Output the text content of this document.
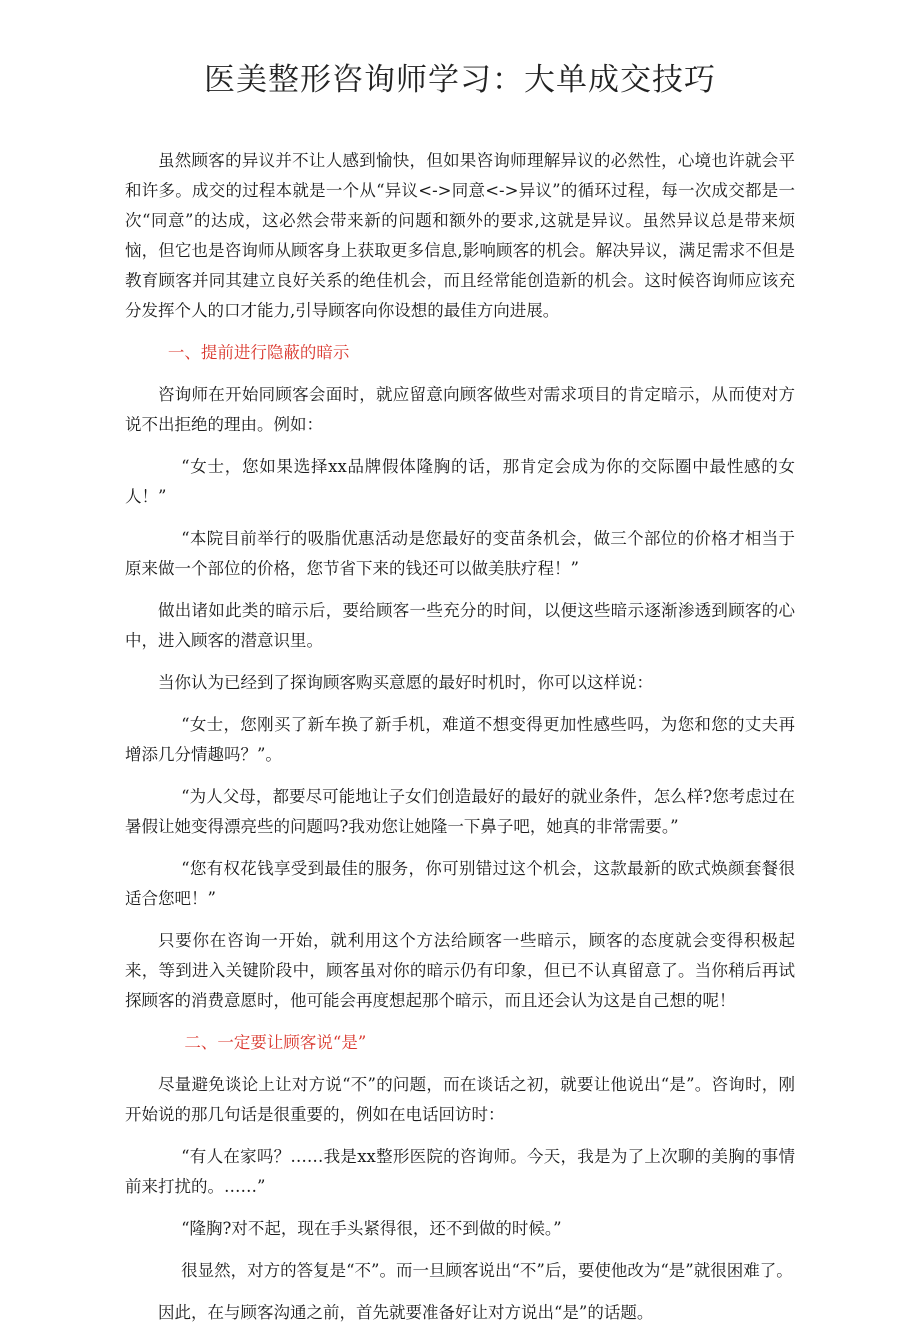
医美整形咨询师学习：大单成交技巧

虽然顾客的异议并不让人感到愉快，但如果咨询师理解异议的必然性，心境也许就会平和许多。成交的过程本就是一个从“异议<->同意<->异议”的循环过程，每一次成交都是一次“同意”的达成，这必然会带来新的问题和额外的要求,这就是异议。虽然异议总是带来烦恼，但它也是咨询师从顾客身上获取更多信息,影响顾客的机会。解决异议，满足需求不但是教育顾客并同其建立良好关系的绝佳机会，而且经常能创造新的机会。这时候咨询师应该充分发挥个人的口才能力,引导顾客向你设想的最佳方向进展。

一、提前进行隐蔽的暗示

咨询师在开始同顾客会面时，就应留意向顾客做些对需求项目的肯定暗示，从而使对方说不出拒绝的理由。例如：

“女士，您如果选择xx品牌假体隆胸的话，那肯定会成为你的交际圈中最性感的女人！”

“本院目前举行的吸脂优惠活动是您最好的变苗条机会，做三个部位的价格才相当于原来做一个部位的价格，您节省下来的钱还可以做美肤疗程！”

做出诸如此类的暗示后，要给顾客一些充分的时间，以便这些暗示逐渐渗透到顾客的心中，进入顾客的潜意识里。

当你认为已经到了探询顾客购买意愿的最好时机时，你可以这样说：

“女士，您刚买了新车换了新手机，难道不想变得更加性感些吗，为您和您的丈夫再增添几分情趣吗？”。

“为人父母，都要尽可能地让子女们创造最好的最好的就业条件，怎么样?您考虑过在暑假让她变得漂亮些的问题吗?我劝您让她隆一下鼻子吧，她真的非常需要。”

“您有权花钱享受到最佳的服务，你可别错过这个机会，这款最新的欧式焕颜套餐很适合您吧！”

只要你在咨询一开始，就利用这个方法给顾客一些暗示，顾客的态度就会变得积极起来，等到进入关键阶段中，顾客虽对你的暗示仍有印象，但已不认真留意了。当你稍后再试探顾客的消费意愿时，他可能会再度想起那个暗示，而且还会认为这是自己想的呢！

二、一定要让顾客说“是”

尽量避免谈论上让对方说“不”的问题，而在谈话之初，就要让他说出“是”。咨询时，刚开始说的那几句话是很重要的，例如在电话回访时：

“有人在家吗？……我是xx整形医院的咨询师。今天，我是为了上次聊的美胸的事情前来打扰的。……”

“隆胸?对不起，现在手头紧得很，还不到做的时候。”

很显然，对方的答复是“不”。而一旦顾客说出“不”后，要使他改为“是”就很困难了。

因此，在与顾客沟通之前，首先就要准备好让对方说出“是”的话题。
